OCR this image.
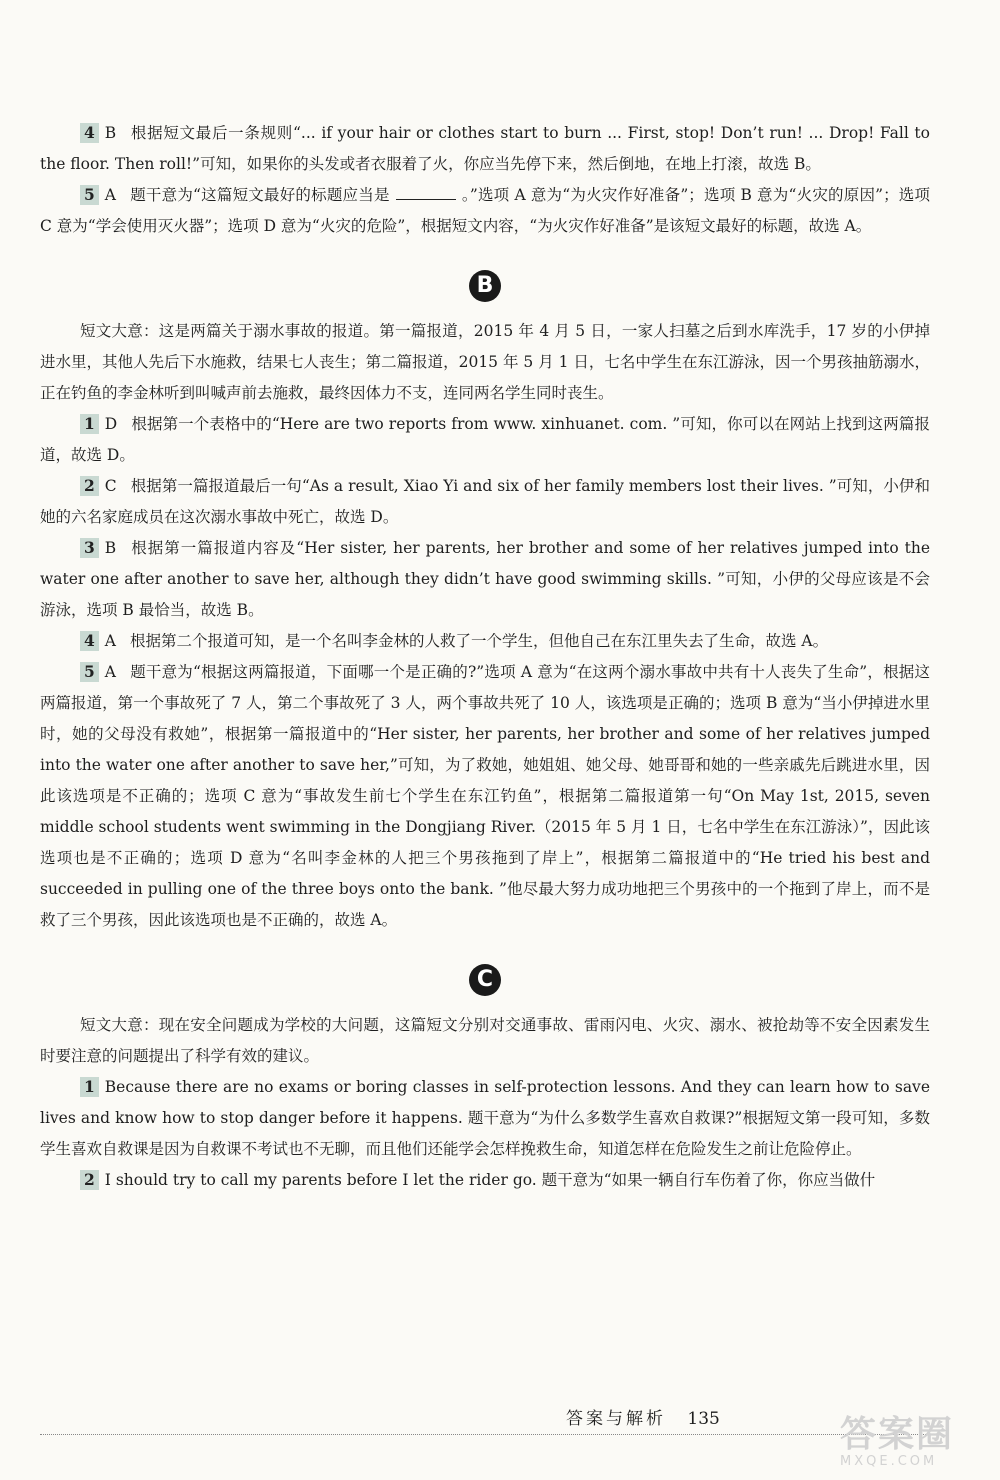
4 B 根据短文最后一条规则“... if your hair or clothes start to burn ... First, stop! Don’t run! ... Drop! Fall to the floor. Then roll!”可知，如果你的头发或者衣服着了火，你应当先停下来，然后倒地，在地上打滚，故选 B。

5 A 题干意为“这篇短文最好的标题应当是	。”选项 A 意为“为火灾作好准备”；选项 B 意为“火灾的原因”；选项 C 意为“学会使用灭火器”；选项 D 意为“火灾的危险”，根据短文内容，“为火灾作好准备”是该短文最好的标题，故选 A。

B

短文大意：这是两篇关于溺水事故的报道。第一篇报道，2015 年 4 月 5 日，一家人扫墓之后到水库洗手，17 岁的小伊掉进水里，其他人先后下水施救，结果七人丧生；第二篇报道，2015 年 5 月 1 日，七名中学生在东江游泳，因一个男孩抽筋溺水，正在钓鱼的李金林听到叫喊声前去施救，最终因体力不支，连同两名学生同时丧生。

1 D 根据第一个表格中的“Here are two reports from www. xinhuanet. com. ”可知，你可以在网站上找到这两篇报道，故选 D。

2 C 根据第一篇报道最后一句“As a result, Xiao Yi and six of her family members lost their lives. ”可知，小伊和她的六名家庭成员在这次溺水事故中死亡，故选 D。

3 B 根据第一篇报道内容及“Her sister, her parents, her brother and some of her relatives jumped into the water one after another to save her, although they didn’t have good swimming skills. ”可知，小伊的父母应该是不会游泳，选项 B 最恰当，故选 B。

4 A 根据第二个报道可知，是一个名叫李金林的人救了一个学生，但他自己在东江里失去了生命，故选 A。

5 A 题干意为“根据这两篇报道，下面哪一个是正确的?”选项 A 意为“在这两个溺水事故中共有十人丧失了生命”，根据这两篇报道，第一个事故死了 7 人，第二个事故死了 3 人，两个事故共死了 10 人，该选项是正确的；选项 B 意为“当小伊掉进水里时，她的父母没有救她”，根据第一篇报道中的“Her sister, her parents, her brother and some of her relatives jumped into the water one after another to save her,”可知，为了救她，她姐姐、她父母、她哥哥和她的一些亲戚先后跳进水里，因此该选项是不正确的；选项 C 意为“事故发生前七个学生在东江钓鱼”，根据第二篇报道第一句“On May 1st, 2015, seven middle school students went swimming in the Dongjiang River.（2015 年 5 月 1 日，七名中学生在东江游泳）”，因此该选项也是不正确的；选项 D 意为“名叫李金林的人把三个男孩拖到了岸上”，根据第二篇报道中的“He tried his best and succeeded in pulling one of the three boys onto the bank. ”他尽最大努力成功地把三个男孩中的一个拖到了岸上，而不是救了三个男孩，因此该选项也是不正确的，故选 A。

C

短文大意：现在安全问题成为学校的大问题，这篇短文分别对交通事故、雷雨闪电、火灾、溺水、被抢劫等不安全因素发生时要注意的问题提出了科学有效的建议。

1 Because there are no exams or boring classes in self-protection lessons. And they can learn how to save lives and know how to stop danger before it happens. 题干意为“为什么多数学生喜欢自救课?”根据短文第一段可知，多数学生喜欢自救课是因为自救课不考试也不无聊，而且他们还能学会怎样挽救生命，知道怎样在危险发生之前让危险停止。

2 I should try to call my parents before I let the rider go. 题干意为“如果一辆自行车伤着了你，你应当做什

答案与解析 135	答案圈
MXQE.COM
